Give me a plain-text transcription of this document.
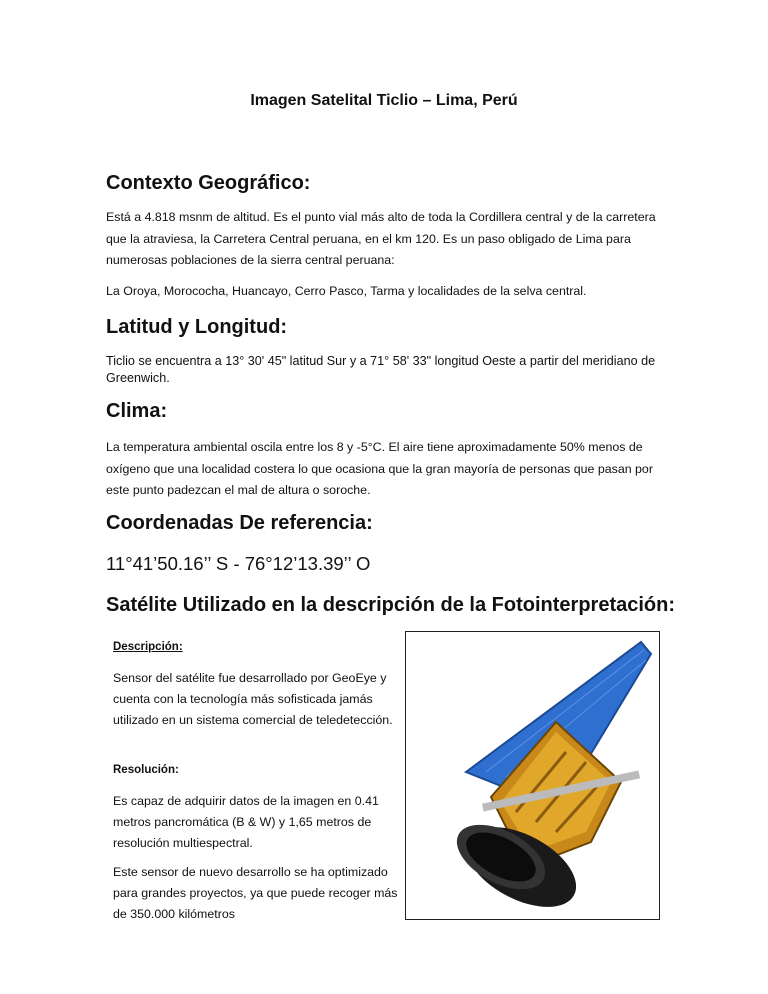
Imagen Satelital Ticlio – Lima, Perú
Contexto Geográfico:
Está a 4.818 msnm de altitud. Es el punto vial más alto de toda la Cordillera central y de la carretera que la atraviesa, la Carretera Central peruana, en el km 120. Es un paso obligado de Lima para numerosas poblaciones de la sierra central peruana:
La Oroya, Morococha, Huancayo, Cerro Pasco, Tarma y localidades de la selva central.
Latitud y Longitud:
Ticlio se encuentra a 13° 30' 45" latitud Sur y a 71° 58' 33" longitud Oeste a partir del meridiano de Greenwich.
Clima:
La temperatura ambiental oscila entre los 8 y -5°C. El aire tiene aproximadamente 50% menos de oxígeno que una localidad costera lo que ocasiona que la gran mayoría de personas que pasan por este punto padezcan el mal de altura o soroche.
Coordenadas De referencia:
11°41’50.16’’ S - 76°12’13.39’’ O
Satélite Utilizado en la descripción de la Fotointerpretación:
Descripción:
Sensor del satélite fue desarrollado por GeoEye y cuenta con la tecnología más sofisticada jamás utilizado en un sistema comercial de teledetección.
Resolución:
Es capaz de adquirir datos de la imagen en 0.41 metros pancromática (B & W) y 1,65 metros de resolución multiespectral.
Este sensor de nuevo desarrollo se ha optimizado para grandes proyectos, ya que puede recoger más de 350.000 kilómetros
